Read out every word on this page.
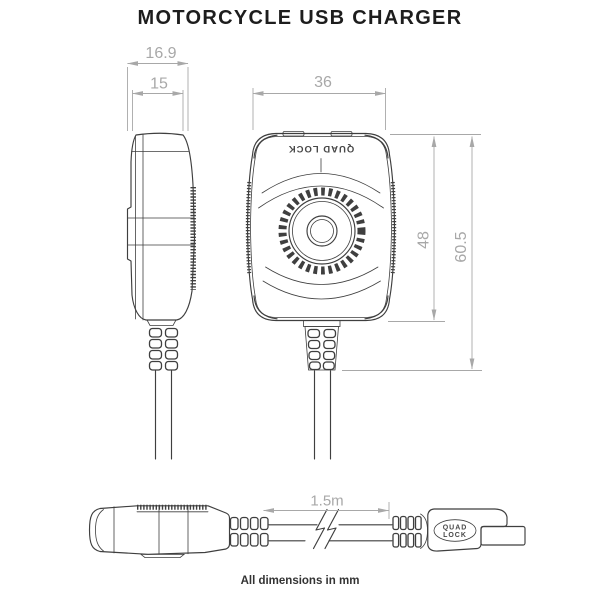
MOTORCYCLE USB CHARGER
16.9
15
QUAD LOCK
36
48 60.5
QUAD
LOCK
1.5m
All dimensions in mm
